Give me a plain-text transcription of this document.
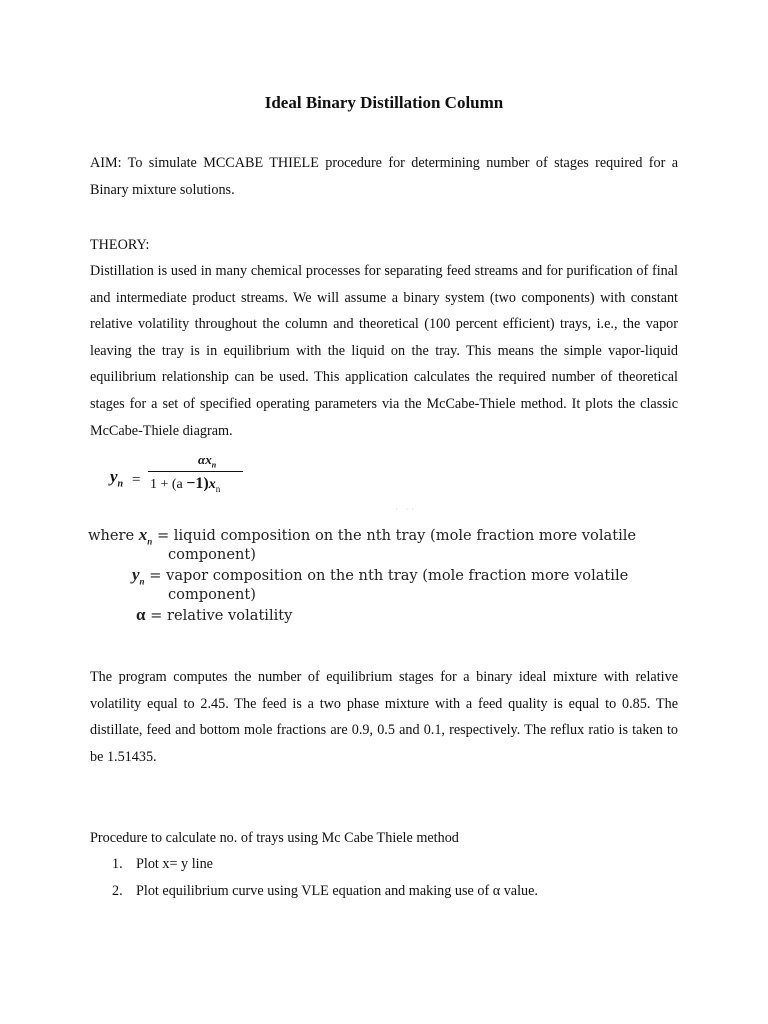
Ideal Binary Distillation Column
AIM: To simulate MCCABE THIELE procedure for determining number of stages required for a Binary mixture solutions.
THEORY:
Distillation is used in many chemical processes for separating feed streams and for purification of final and intermediate product streams. We will assume a binary system (two components) with constant relative volatility throughout the column and theoretical (100 percent efficient) trays, i.e., the vapor leaving the tray is in equilibrium with the liquid on the tray. This means the simple vapor-liquid equilibrium relationship can be used. This application calculates the required number of theoretical stages for a set of specified operating parameters via the McCabe-Thiele method. It plots the classic McCabe-Thiele diagram.
$y_n$ =
$\alpha x_n$
$1 + (a -1)x_n$
˙ ˙˙
where $x_n$ = liquid composition on the nth tray (mole fraction more volatile
component)
$y_n$ = vapor composition on the nth tray (mole fraction more volatile
component)
α = relative volatility
The program computes the number of equilibrium stages for a binary ideal mixture with relative volatility equal to 2.45. The feed is a two phase mixture with a feed quality is equal to 0.85. The distillate, feed and bottom mole fractions are 0.9, 0.5 and 0.1, respectively. The reflux ratio is taken to be 1.51435.
Procedure to calculate no. of trays using Mc Cabe Thiele method
1. Plot x= y line
2. Plot equilibrium curve using VLE equation and making use of α value.
